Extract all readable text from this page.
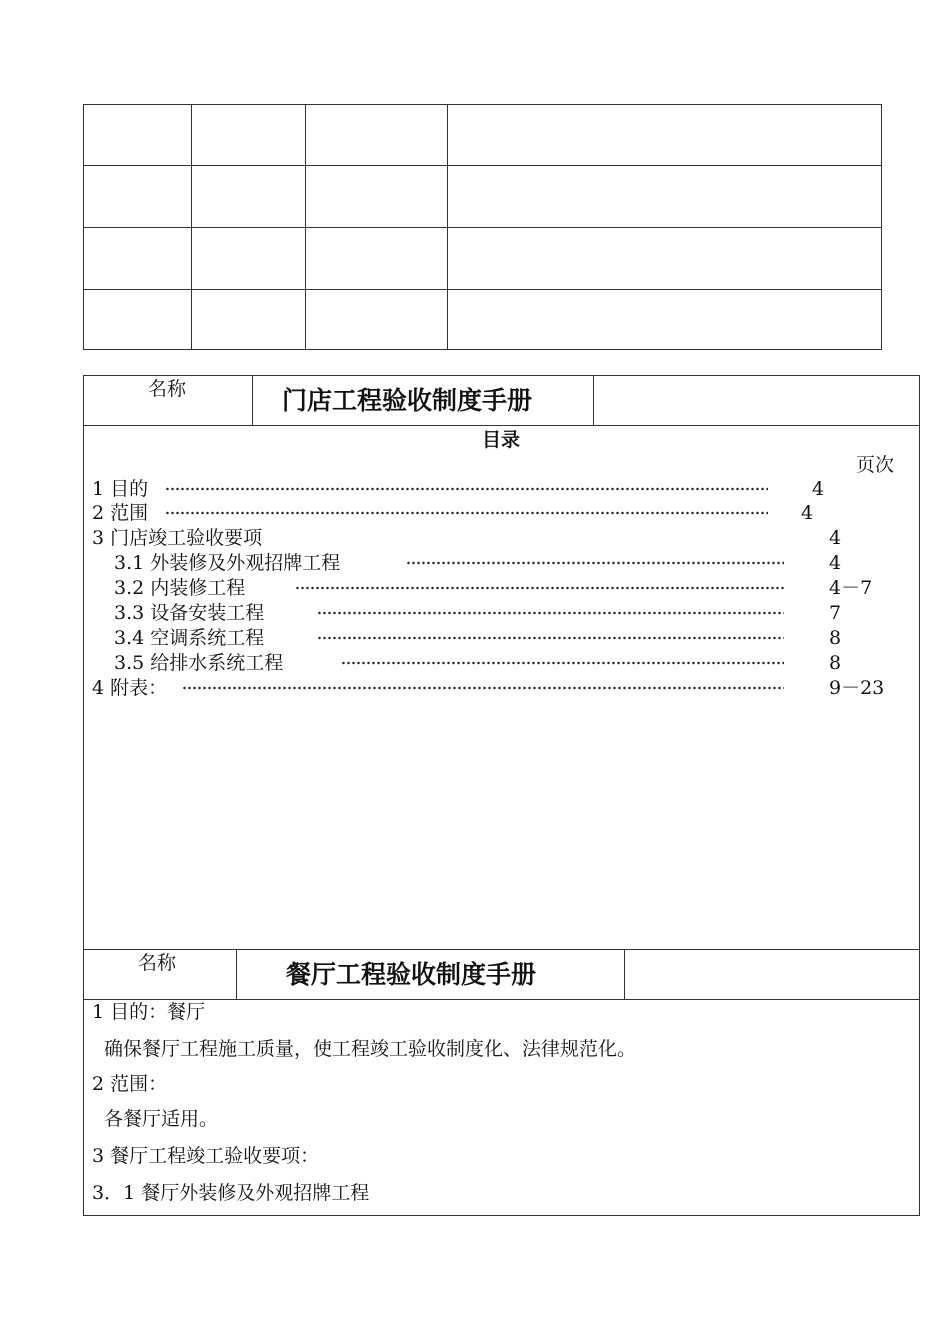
名称	门店工程验收制度手册
目录
页次
1 目的	4
2 范围	4
3 门店竣工验收要项	4
3.1 外装修及外观招牌工程	4
3.2 内装修工程	4－7
3.3 设备安装工程	7
3.4 空调系统工程	8
3.5 给排水系统工程	8
4 附表：	9－23
名称	餐厅工程验收制度手册
1 目的：餐厅
确保餐厅工程施工质量，使工程竣工验收制度化、法律规范化。
2 范围：
各餐厅适用。
3 餐厅工程竣工验收要项：
3．1 餐厅外装修及外观招牌工程
